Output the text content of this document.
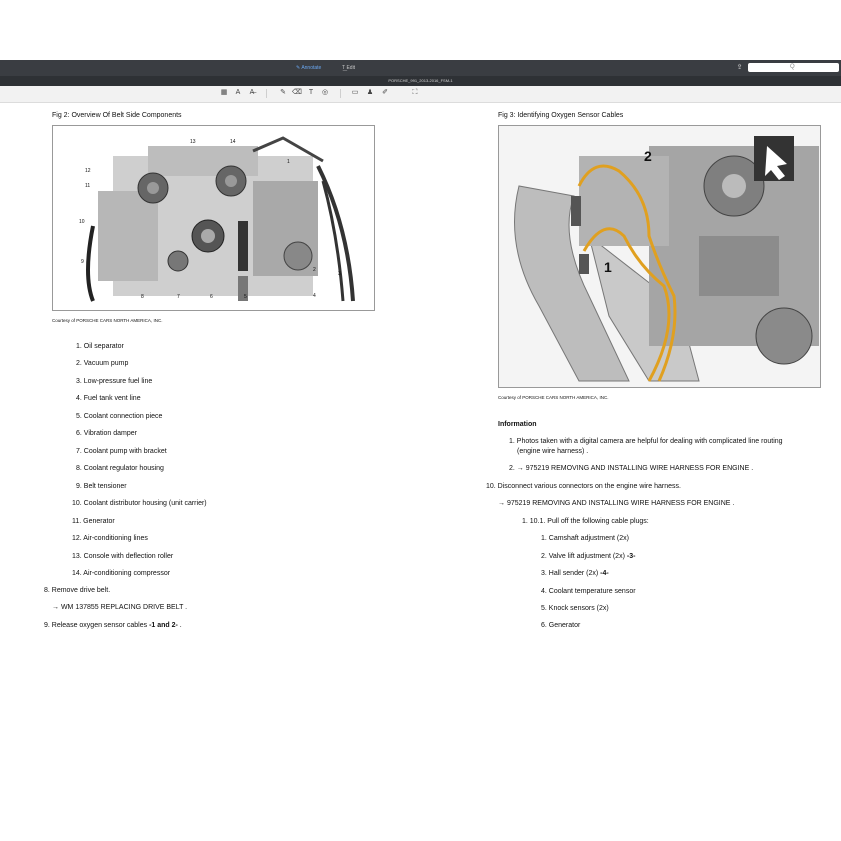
✎ Annotate	T͟ Edit	⇪	Q
PORSCHE_991_2013-2016_FSM-1
▦	A	A̶	✎ ⌫ T	◎	▭ ♟ ✐	⛶
Fig 2: Overview Of Belt Side Components
1
2
3
4
5
6
7
8
9
10
11
12
13	14
Courtesy of PORSCHE CARS NORTH AMERICA, INC.
1. Oil separator
2. Vacuum pump
3. Low-pressure fuel line
4. Fuel tank vent line
5. Coolant connection piece
6. Vibration damper
7. Coolant pump with bracket
8. Coolant regulator housing
9. Belt tensioner
10. Coolant distributor housing (unit carrier)
11. Generator
12. Air-conditioning lines
13. Console with deflection roller
14. Air-conditioning compressor
8. Remove drive belt.
→ WM 137855 REPLACING DRIVE BELT .
9. Release oxygen sensor cables -1 and 2- .
Fig 3: Identifying Oxygen Sensor Cables
2
1
Courtesy of PORSCHE CARS NORTH AMERICA, INC.
Information
1. Photos taken with a digital camera are helpful for dealing with complicated line routing
(engine wire harness) .
2. → 975219 REMOVING AND INSTALLING WIRE HARNESS FOR ENGINE .
10. Disconnect various connectors on the engine wire harness.
→ 975219 REMOVING AND INSTALLING WIRE HARNESS FOR ENGINE .
1. 10.1. Pull off the following cable plugs:
1. Camshaft adjustment (2x)
2. Valve lift adjustment (2x) -3-
3. Hall sender (2x) -4-
4. Coolant temperature sensor
5. Knock sensors (2x)
6. Generator
